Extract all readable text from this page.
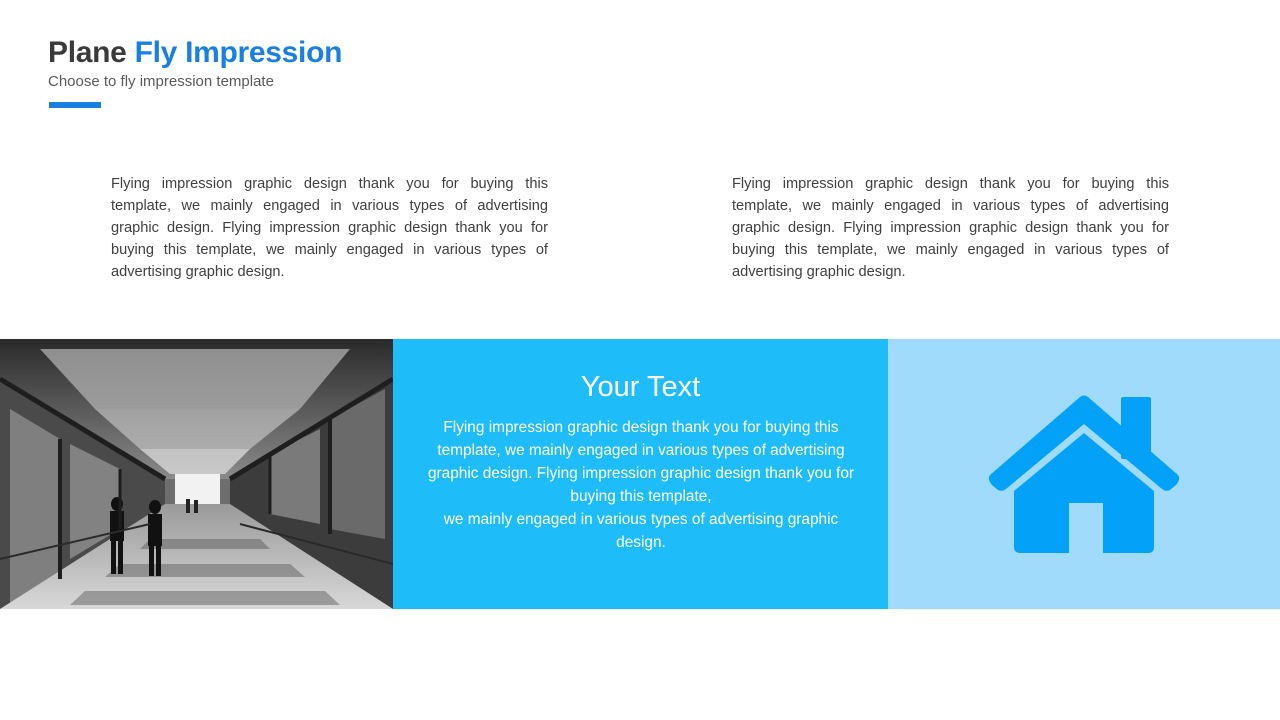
Plane Fly Impression
Choose to fly impression template
Flying impression graphic design thank you for buying this template, we mainly engaged in various types of advertising graphic design. Flying impression graphic design thank you for buying this template, we mainly engaged in various types of advertising graphic design.
Flying impression graphic design thank you for buying this template, we mainly engaged in various types of advertising graphic design. Flying impression graphic design thank you for buying this template, we mainly engaged in various types of advertising graphic design.
Your Text
Flying impression graphic design thank you for buying this template, we mainly engaged in various types of advertising graphic design. Flying impression graphic design thank you for buying this template,
we mainly engaged in various types of advertising graphic design.
